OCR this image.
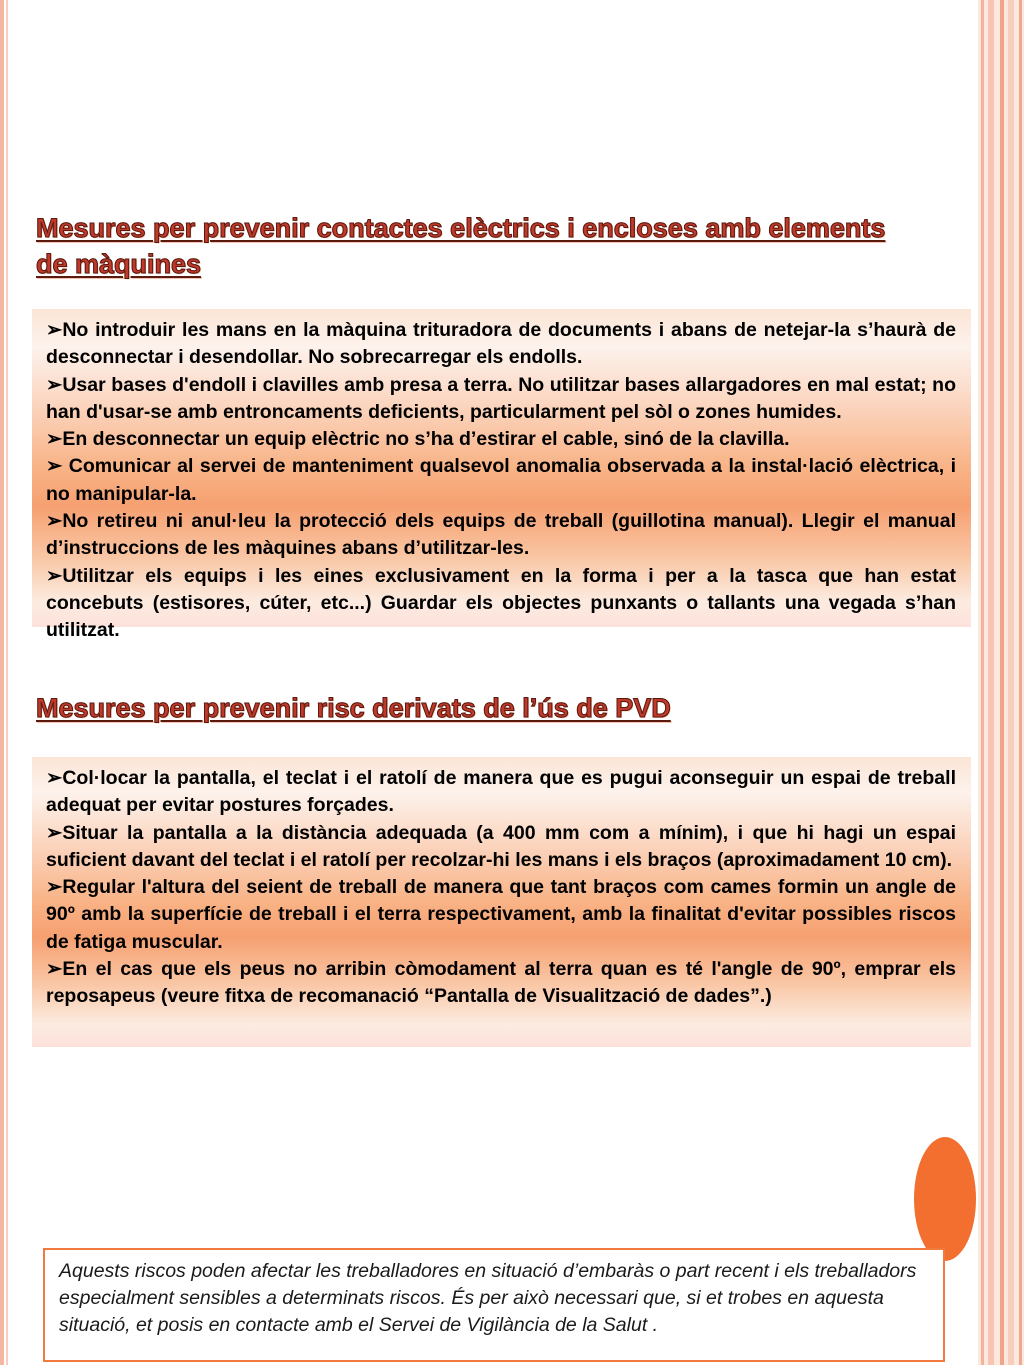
Mesures per prevenir contactes elèctrics i encloses amb elements de màquines

➢No introduir les mans en la màquina trituradora de documents i abans de netejar-la s’haurà de desconnectar i desendollar. No sobrecarregar els endolls.

➢Usar bases d'endoll i clavilles amb presa a terra. No utilitzar bases allargadores en mal estat; no han d'usar-se amb entroncaments deficients, particularment pel sòl o zones humides.

➢En desconnectar un equip elèctric no s’ha d’estirar el cable, sinó de la clavilla.

➢ Comunicar al servei de manteniment qualsevol anomalia observada a la instal·lació elèctrica, i no manipular-la.

➢No retireu ni anul·leu la protecció dels equips de treball (guillotina manual). Llegir el manual d’instruccions de les màquines abans d’utilitzar-les.

➢Utilitzar els equips i les eines exclusivament en la forma i per a la tasca que han estat concebuts (estisores, cúter, etc...) Guardar els objectes punxants o tallants una vegada s’han utilitzat.

Mesures per prevenir risc derivats de l’ús de PVD

➢Col·locar la pantalla, el teclat i el ratolí de manera que es pugui aconseguir un espai de treball adequat per evitar postures forçades.

➢Situar la pantalla a la distància adequada (a 400 mm com a mínim), i que hi hagi un espai suficient davant del teclat i el ratolí per recolzar-hi les mans i els braços (aproximadament 10 cm).

➢Regular l'altura del seient de treball de manera que tant braços com cames formin un angle de 90º amb la superfície de treball i el terra respectivament, amb la finalitat d'evitar possibles riscos de fatiga muscular.

➢En el cas que els peus no arribin còmodament al terra quan es té l'angle de 90º, emprar els reposapeus (veure fitxa de recomanació “Pantalla de Visualització de dades”.)

Aquests riscos poden afectar les treballadores en situació d’embaràs o part recent i els treballadors especialment sensibles a determinats riscos. És per això necessari que, si et trobes en aquesta situació, et posis en contacte amb el Servei de Vigilància de la Salut .
